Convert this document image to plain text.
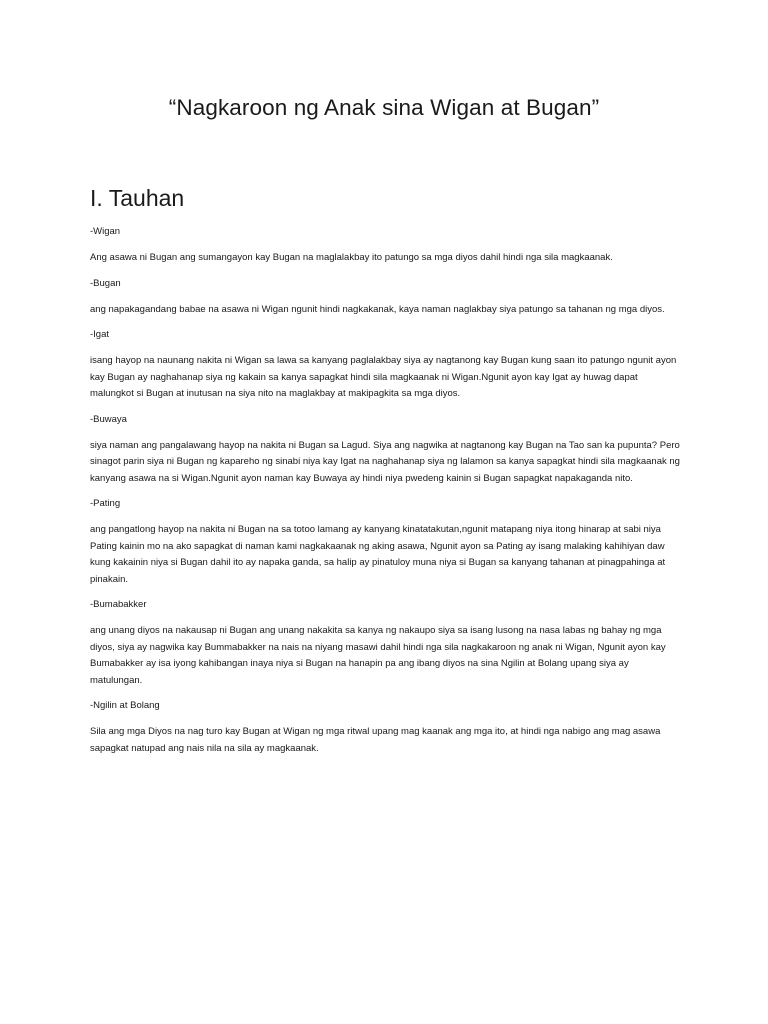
“Nagkaroon ng Anak sina Wigan at Bugan”
I. Tauhan

-Wigan

Ang asawa ni Bugan ang sumangayon kay Bugan na maglalakbay ito patungo sa mga diyos dahil hindi nga sila magkaanak.

-Bugan

ang napakagandang babae na asawa ni Wigan ngunit hindi nagkakanak, kaya naman naglakbay siya patungo sa tahanan ng mga diyos.

-Igat

isang hayop na naunang nakita ni Wigan sa lawa sa kanyang paglalakbay siya ay nagtanong kay Bugan kung saan ito patungo ngunit ayon kay Bugan ay naghahanap siya ng kakain sa kanya sapagkat hindi sila magkaanak ni Wigan.Ngunit ayon kay Igat ay huwag dapat malungkot si Bugan at inutusan na siya nito na maglakbay at makipagkita sa mga diyos.

-Buwaya

siya naman ang pangalawang hayop na nakita ni Bugan sa Lagud. Siya ang nagwika at nagtanong kay Bugan na Tao san ka pupunta? Pero sinagot parin siya ni Bugan ng kapareho ng sinabi niya kay Igat na naghahanap siya ng lalamon sa kanya sapagkat hindi sila magkaanak ng kanyang asawa na si Wigan.Ngunit ayon naman kay Buwaya ay hindi niya pwedeng kainin si Bugan sapagkat napakaganda nito.

-Pating

ang pangatlong hayop na nakita ni Bugan na sa totoo lamang ay kanyang kinatatakutan,ngunit matapang niya itong hinarap at sabi niya Pating kainin mo na ako sapagkat di naman kami nagkakaanak ng aking asawa, Ngunit ayon sa Pating ay isang malaking kahihiyan daw kung kakainin niya si Bugan dahil ito ay napaka ganda, sa halip ay pinatuloy muna niya si Bugan sa kanyang tahanan at pinagpahinga at pinakain.

-Bumabakker

ang unang diyos na nakausap ni Bugan ang unang nakakita sa kanya ng nakaupo siya sa isang lusong na nasa labas ng bahay ng mga diyos, siya ay nagwika kay Bummabakker na nais na niyang masawi dahil hindi nga sila nagkakaroon ng anak ni Wigan, Ngunit ayon kay Bumabakker ay isa iyong kahibangan inaya niya si Bugan na hanapin pa ang ibang diyos na sina Ngilin at Bolang upang siya ay matulungan.

-Ngilin at Bolang

Sila ang mga Diyos na nag turo kay Bugan at Wigan ng mga ritwal upang mag kaanak ang mga ito, at hindi nga nabigo ang mag asawa sapagkat natupad ang nais nila na sila ay magkaanak.
